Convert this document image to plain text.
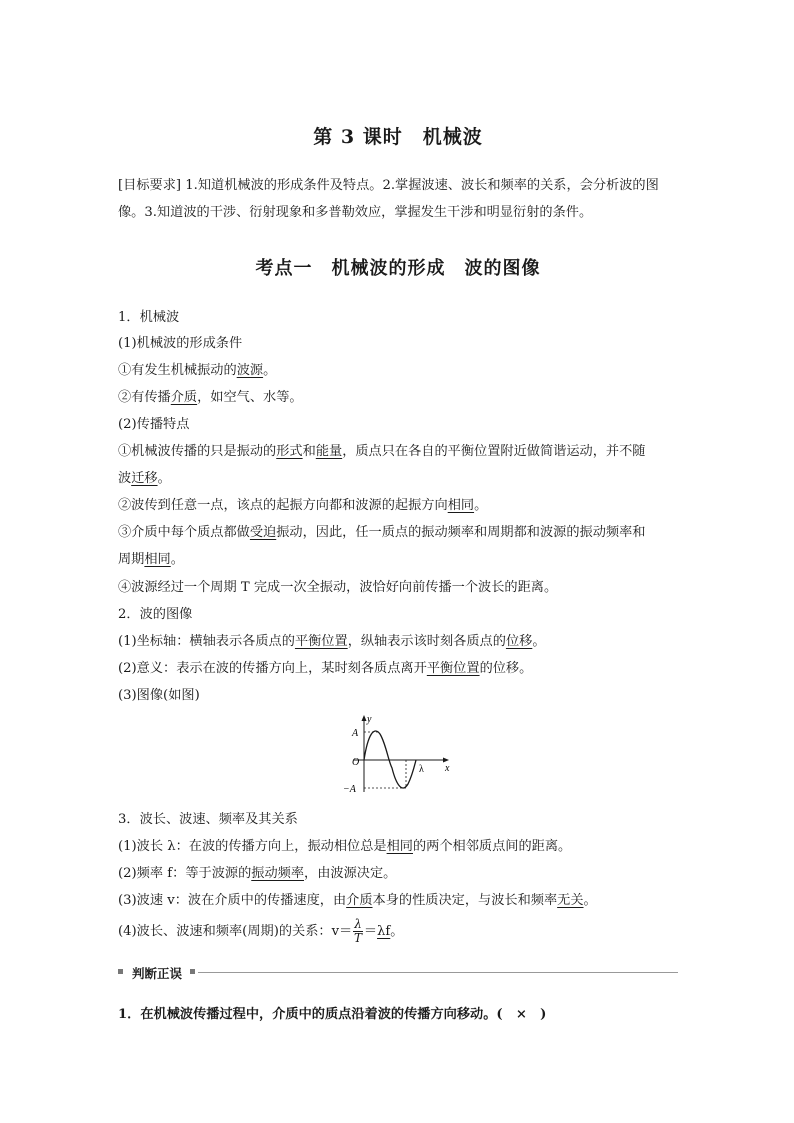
第 3 课时　机械波
[目标要求] 1.知道机械波的形成条件及特点。2.掌握波速、波长和频率的关系，会分析波的图像。3.知道波的干涉、衍射现象和多普勒效应，掌握发生干涉和明显衍射的条件。
考点一　机械波的形成　波的图像
1．机械波
(1)机械波的形成条件
①有发生机械振动的波源。
②有传播介质，如空气、水等。
(2)传播特点
①机械波传播的只是振动的形式和能量，质点只在各自的平衡位置附近做简谐运动，并不随
波迁移。
②波传到任意一点，该点的起振方向都和波源的起振方向相同。
③介质中每个质点都做受迫振动，因此，任一质点的振动频率和周期都和波源的振动频率和
周期相同。
④波源经过一个周期 T 完成一次全振动，波恰好向前传播一个波长的距离。
2．波的图像
(1)坐标轴：横轴表示各质点的平衡位置，纵轴表示该时刻各质点的位移。
(2)意义：表示在波的传播方向上，某时刻各质点离开平衡位置的位移。
(3)图像(如图)
y
x
A
−A
O
λ
3．波长、波速、频率及其关系
(1)波长 λ：在波的传播方向上，振动相位总是相同的两个相邻质点间的距离。
(2)频率 f：等于波源的振动频率，由波源决定。
(3)波速 v：波在介质中的传播速度，由介质本身的性质决定，与波长和频率无关。
(4)波长、波速和频率(周期)的关系：$v= \frac{\lambda}{T} =\lambda f$。
判断正误
1．在机械波传播过程中，介质中的质点沿着波的传播方向移动。(　×　)
